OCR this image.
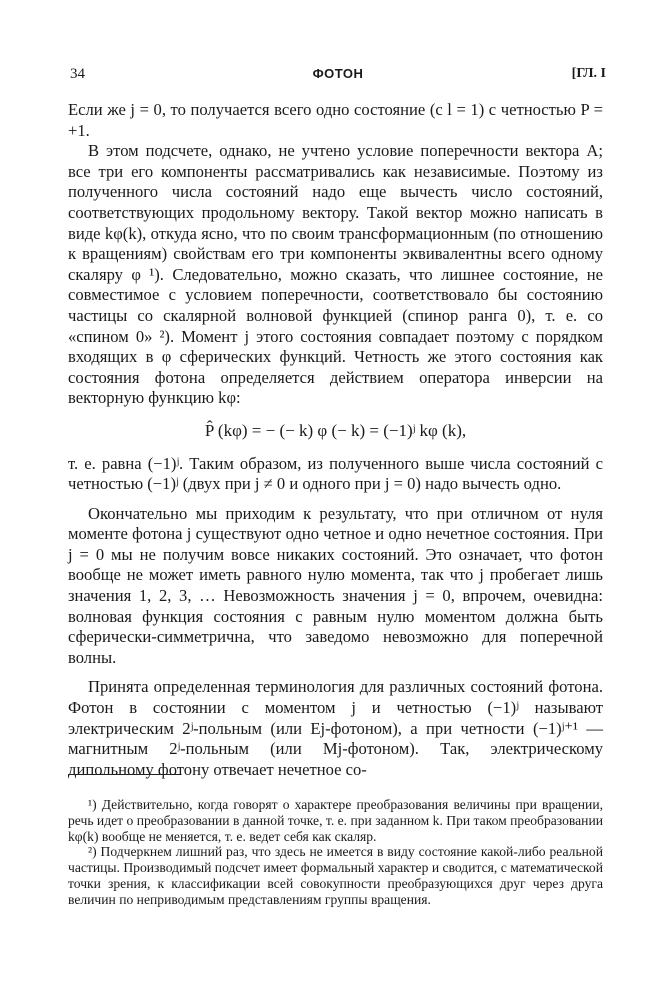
34	ФОТОН	[ГЛ. I

Если же j = 0, то получается всего одно состояние (с l = 1) с четностью P = +1.

В этом подсчете, однако, не учтено условие поперечности вектора A; все три его компоненты рассматривались как независимые. Поэтому из полученного числа состояний надо еще вычесть число состояний, соответствующих продольному вектору. Такой вектор можно написать в виде kφ(k), откуда ясно, что по своим трансформационным (по отношению к вращениям) свойствам его три компоненты эквивалентны всего одному скаляру φ ¹). Следовательно, можно сказать, что лишнее состояние, не совместимое с условием поперечности, соответствовало бы состоянию частицы со скалярной волновой функцией (спинор ранга 0), т. е. со «спином 0» ²). Момент j этого состояния совпадает поэтому с порядком входящих в φ сферических функций. Четность же этого состояния как состояния фотона определяется действием оператора инверсии на векторную функцию kφ:

P̂ (kφ) = − (− k) φ (− k) = (−1)ʲ kφ (k),

т. е. равна (−1)ʲ. Таким образом, из полученного выше числа состояний с четностью (−1)ʲ (двух при j ≠ 0 и одного при j = 0) надо вычесть одно.

Окончательно мы приходим к результату, что при отличном от нуля моменте фотона j существуют одно четное и одно нечетное состояния. При j = 0 мы не получим вовсе никаких состояний. Это означает, что фотон вообще не может иметь равного нулю момента, так что j пробегает лишь значения 1, 2, 3, … Невозможность значения j = 0, впрочем, очевидна: волновая функция состояния с равным нулю моментом должна быть сферически-симметрична, что заведомо невозможно для поперечной волны.

Принята определенная терминология для различных состояний фотона. Фотон в состоянии с моментом j и четностью (−1)ʲ называют электрическим 2ʲ-польным (или Ej-фотоном), а при четности (−1)ʲ⁺¹ — магнитным 2ʲ-польным (или Mj-фотоном). Так, электрическому дипольному фотону отвечает нечетное со-

¹) Действительно, когда говорят о характере преобразования величины при вращении, речь идет о преобразовании в данной точке, т. е. при заданном k. При таком преобразовании kφ(k) вообще не меняется, т. е. ведет себя как скаляр.

²) Подчеркнем лишний раз, что здесь не имеется в виду состояние какой-либо реальной частицы. Производимый подсчет имеет формальный характер и сводится, с математической точки зрения, к классификации всей совокупности преобразующихся друг через друга величин по неприводимым представлениям группы вращения.
